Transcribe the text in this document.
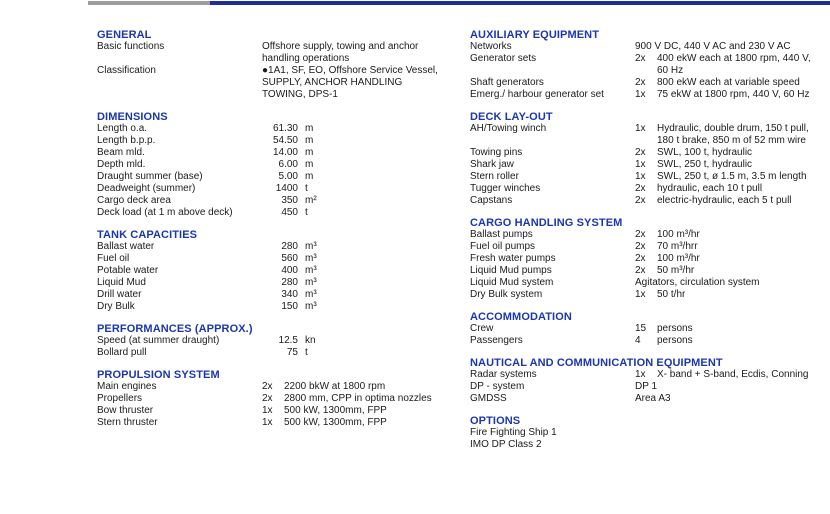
GENERAL
Basic functions	Offshore supply, towing and anchor
handling operations
Classification	●1A1, SF, EO, Offshore Service Vessel,
SUPPLY, ANCHOR HANDLING
TOWING, DPS-1
DIMENSIONS
Length o.a.	61.30 m
Length b.p.p.	54.50 m
Beam mld.	14.00 m
Depth mld.	6.00 m
Draught summer (base)	5.00 m
Deadweight (summer)	1400 t
Cargo deck area	350 m²
Deck load (at 1 m above deck)	450 t
TANK CAPACITIES
Ballast water	280 m³
Fuel oil	560 m³
Potable water	400 m³
Liquid Mud	280 m³
Drill water	340 m³
Dry Bulk	150 m³
PERFORMANCES (APPROX.)
Speed (at summer draught)	12.5 kn
Bollard pull	75 t
PROPULSION SYSTEM
Main engines	2x	2200 bkW at 1800 rpm
Propellers	2x	2800 mm, CPP in optima nozzles
Bow thruster	1x	500 kW, 1300mm, FPP
Stern thruster	1x	500 kW, 1300mm, FPP
AUXILIARY EQUIPMENT
Networks	900 V DC, 440 V AC and 230 V AC
Generator sets	2x	400 ekW each at 1800 rpm, 440 V,
60 Hz
Shaft generators	2x	800 ekW each at variable speed
Emerg./ harbour generator set	1x	75 ekW at 1800 rpm, 440 V, 60 Hz
DECK LAY-OUT
AH/Towing winch	1x	Hydraulic, double drum, 150 t pull,
180 t brake, 850 m of 52 mm wire
Towing pins	2x	SWL, 100 t, hydraulic
Shark jaw	1x	SWL, 250 t, hydraulic
Stern roller	1x	SWL, 250 t, ø 1.5 m, 3.5 m length
Tugger winches	2x	hydraulic, each 10 t pull
Capstans	2x	electric-hydraulic, each 5 t pull
CARGO HANDLING SYSTEM
Ballast pumps	2x	100 m³/hr
Fuel oil pumps	2x	70 m³/hrr
Fresh water pumps	2x	100 m³/hr
Liquid Mud pumps	2x	50 m³/hr
Liquid Mud system	Agitators, circulation system
Dry Bulk system	1x	50 t/hr
ACCOMMODATION
Crew	15	persons
Passengers	4	persons
NAUTICAL AND COMMUNICATION EQUIPMENT
Radar systems	1x	X- band + S-band, Ecdis, Conning
DP - system	DP 1
GMDSS	Area A3
OPTIONS
Fire Fighting Ship 1
IMO DP Class 2
